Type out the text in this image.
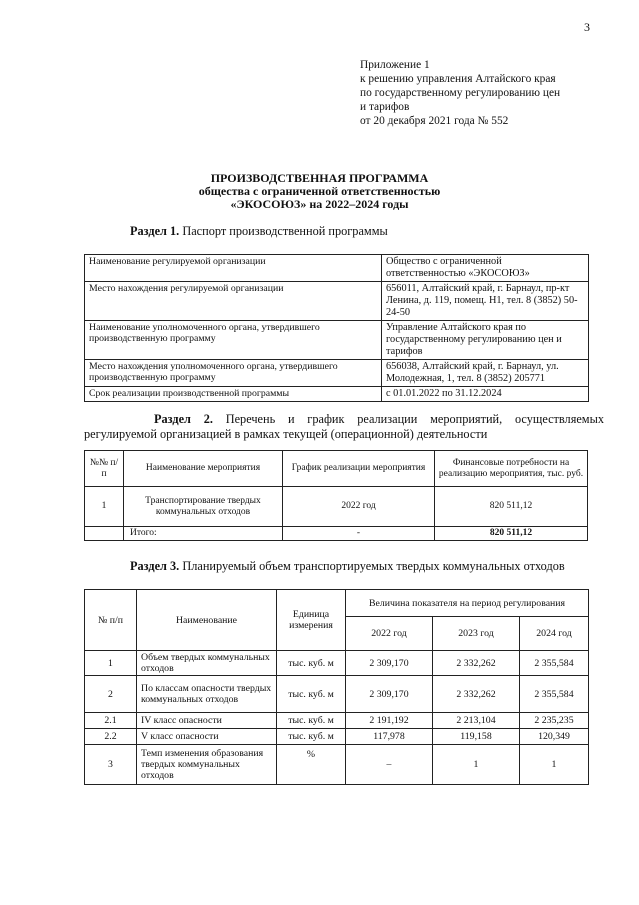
3
Приложение 1
к решению управления Алтайского края
по государственному регулированию цен
и тарифов
от 20 декабря 2021 года № 552
ПРОИЗВОДСТВЕННАЯ ПРОГРАММА
общества с ограниченной ответственностью
«ЭКОСОЮЗ» на 2022–2024 годы
Раздел 1. Паспорт производственной программы
Наименование регулируемой организации	Общество с ограниченной ответственностью «ЭКОСОЮЗ»
Место нахождения регулируемой организации	656011, Алтайский край, г. Барнаул, пр-кт Ленина, д. 119, помещ. Н1, тел. 8 (3852) 50-24-50
Наименование уполномоченного органа, утвердившего производственную программу	Управление Алтайского края по государственному регулированию цен и тарифов
Место нахождения уполномоченного органа, утвердившего производственную программу	656038, Алтайский край, г. Барнаул, ул. Молодежная, 1, тел. 8 (3852) 205771
Срок реализации производственной программы	с 01.01.2022 по 31.12.2024
Раздел 2. Перечень и график реализации мероприятий, осуществляемых регулируемой организацией в рамках текущей (операционной) деятельности
№№ п/п	Наименование мероприятия	График реализации мероприятия	Финансовые потребности на реализацию мероприятия, тыс. руб.
1	Транспортирование твердых коммунальных отходов	2022 год	820 511,12
	Итого:	-	820 511,12
Раздел 3. Планируемый объем транспортируемых твердых коммунальных отходов
№ п/п	Наименование	Единица измерения	Величина показателя на период регулирования		
			2022 год	2023 год	2024 год
1	Объем твердых коммунальных отходов	тыс. куб. м	2 309,170	2 332,262	2 355,584
2	По классам опасности твердых коммунальных отходов	тыс. куб. м	2 309,170	2 332,262	2 355,584
2.1	IV класс опасности	тыс. куб. м	2 191,192	2 213,104	2 235,235
2.2	V класс опасности	тыс. куб. м	117,978	119,158	120,349
3	Темп изменения образования твердых коммунальных отходов	%	–	1	1
